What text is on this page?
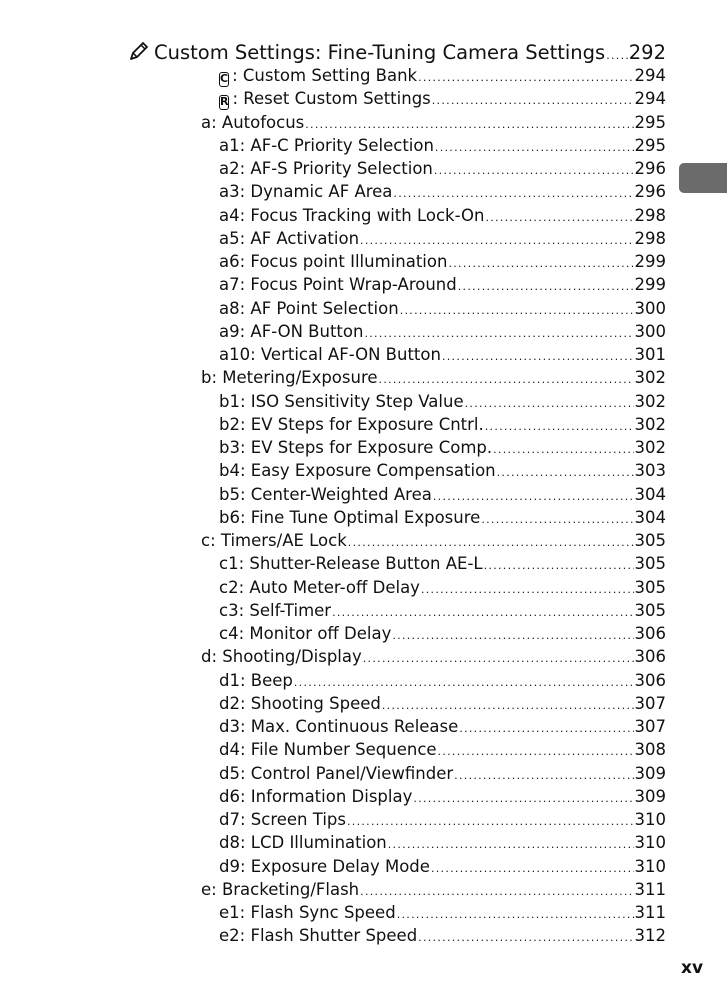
Custom Settings: Fine-Tuning Camera Settings ..... 292
C : Custom Setting Bank .....	294
R : Reset Custom Settings .....	294
a: Autofocus .....	295
a1: AF-C Priority Selection .....	295
a2: AF-S Priority Selection .....	296
a3: Dynamic AF Area .....	296
a4: Focus Tracking with Lock-On .....	298
a5: AF Activation .....	298
a6: Focus point Illumination .....	299
a7: Focus Point Wrap-Around .....	299
a8: AF Point Selection .....	300
a9: AF-ON Button .....	300
a10: Vertical AF-ON Button .....	301
b: Metering/Exposure .....	302
b1: ISO Sensitivity Step Value .....	302
b2: EV Steps for Exposure Cntrl. .....	302
b3: EV Steps for Exposure Comp. .....	302
b4: Easy Exposure Compensation .....	303
b5: Center-Weighted Area .....	304
b6: Fine Tune Optimal Exposure .....	304
c: Timers/AE Lock .....	305
c1: Shutter-Release Button AE-L .....	305
c2: Auto Meter-off Delay .....	305
c3: Self-Timer .....	305
c4: Monitor off Delay .....	306
d: Shooting/Display .....	306
d1: Beep .....	306
d2: Shooting Speed .....	307
d3: Max. Continuous Release .....	307
d4: File Number Sequence .....	308
d5: Control Panel/Viewfinder .....	309
d6: Information Display .....	309
d7: Screen Tips .....	310
d8: LCD Illumination .....	310
d9: Exposure Delay Mode .....	310
e: Bracketing/Flash .....	311
e1: Flash Sync Speed .....	311
e2: Flash Shutter Speed .....	312
xv
